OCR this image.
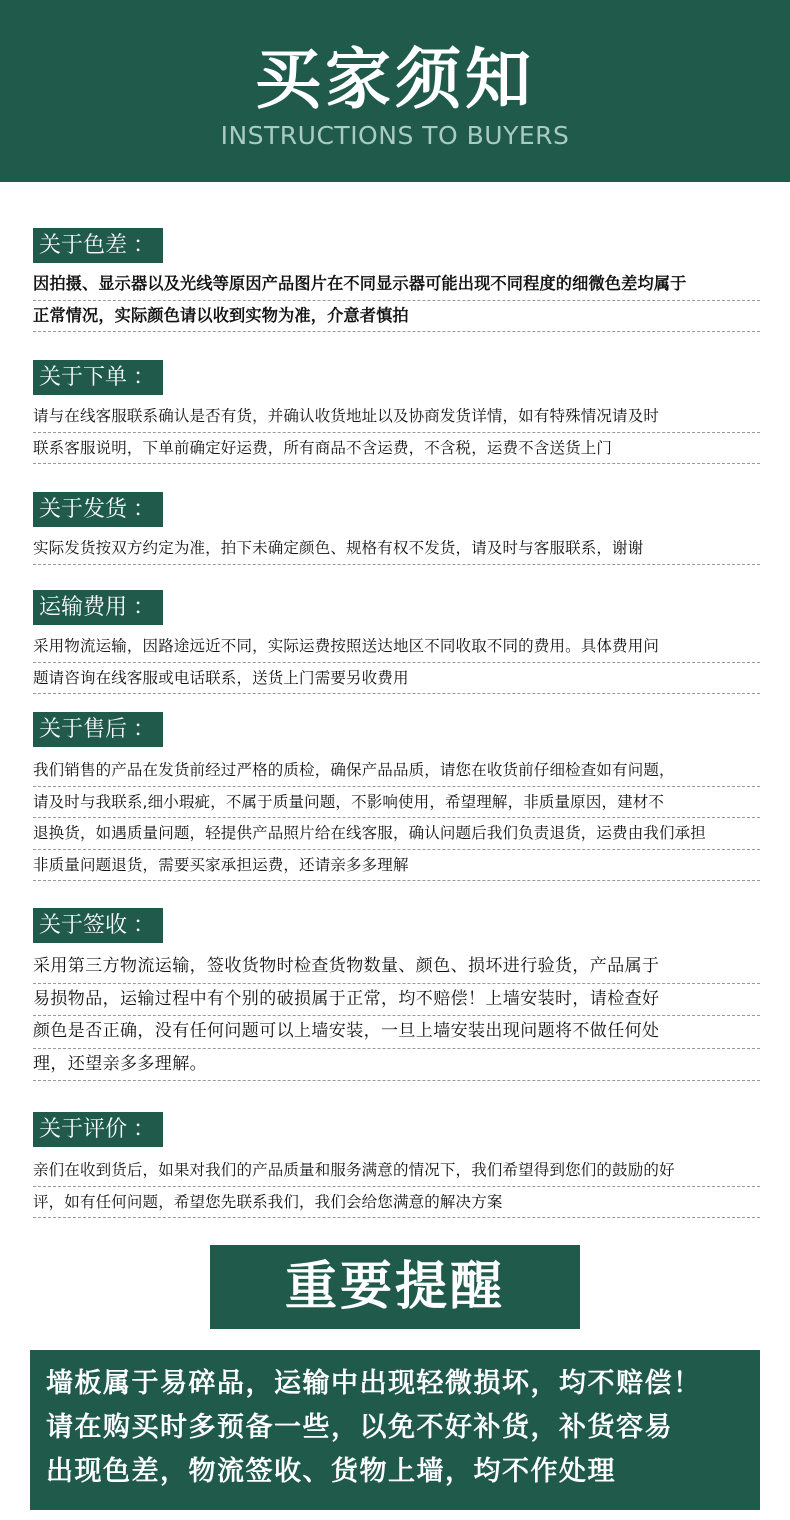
买家须知
INSTRUCTIONS TO BUYERS
关于色差 ：
因拍摄、显示器以及光线等原因产品图片在不同显示器可能出现不同程度的细微色差均属于
正常情况，实际颜色请以收到实物为准，介意者慎拍
关于下单 ：
请与在线客服联系确认是否有货，并确认收货地址以及协商发货详情，如有特殊情况请及时
联系客服说明，下单前确定好运费，所有商品不含运费，不含税，运费不含送货上门
关于发货 ：
实际发货按双方约定为准，拍下未确定颜色、规格有权不发货，请及时与客服联系，谢谢
运输费用 ：
采用物流运输，因路途远近不同，实际运费按照送达地区不同收取不同的费用。具体费用问
题请咨询在线客服或电话联系，送货上门需要另收费用
关于售后 ：
我们销售的产品在发货前经过严格的质检，确保产品品质，请您在收货前仔细检查如有问题，
请及时与我联系,细小瑕疵，不属于质量问题，不影响使用，希望理解，非质量原因，建材不
退换货，如遇质量问题，轻提供产品照片给在线客服，确认问题后我们负责退货，运费由我们承担
非质量问题退货，需要买家承担运费，还请亲多多理解
关于签收 ：
采用第三方物流运输，签收货物时检查货物数量、颜色、损坏进行验货，产品属于
易损物品，运输过程中有个别的破损属于正常，均不赔偿！上墙安装时，请检查好
颜色是否正确，没有任何问题可以上墙安装，一旦上墙安装出现问题将不做任何处
理，还望亲多多理解。
关于评价 ：
亲们在收到货后，如果对我们的产品质量和服务满意的情况下，我们希望得到您们的鼓励的好
评，如有任何问题，希望您先联系我们，我们会给您满意的解决方案
重要提醒
墙板属于易碎品，运输中出现轻微损坏，均不赔偿！
请在购买时多预备一些，以免不好补货，补货容易
出现色差，物流签收、货物上墙，均不作处理
